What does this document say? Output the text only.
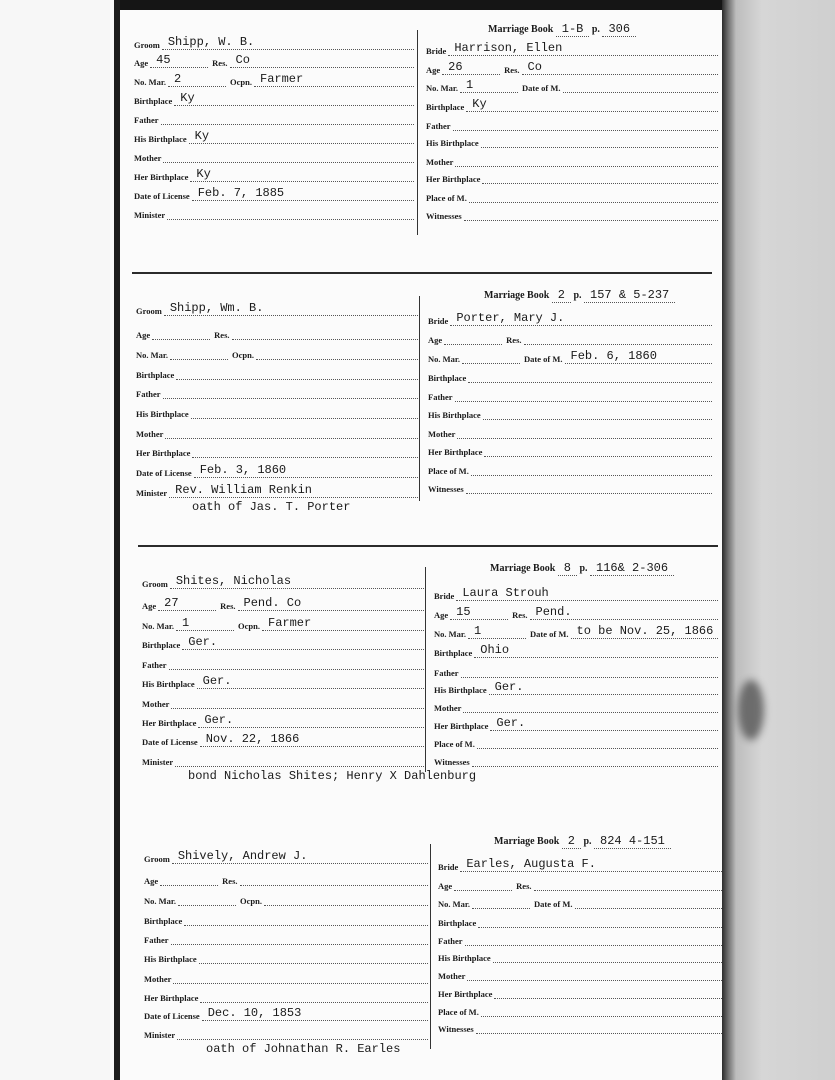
Marriage Book 1-B p. 306
Groom Shipp, W. B.
Age 45	Res. Co
No. Mar. 2	Ocpn. Farmer
Birthplace Ky
Father
His Birthplace Ky
Mother
Her Birthplace Ky
Date of License Feb. 7, 1885
Minister
Bride Harrison, Ellen
Age 26	Res. Co
No. Mar. 1	Date of M.
Birthplace Ky
Father
His Birthplace
Mother
Her Birthplace
Place of M.
Witnesses
Marriage Book 2 p. 157 & 5-237
Groom Shipp, Wm. B.
Age	Res.
No. Mar.	Ocpn.
Birthplace
Father
His Birthplace
Mother
Her Birthplace
Date of License Feb. 3, 1860
Minister Rev. William Renkin
Bride Porter, Mary J.
Age	Res.
No. Mar.	Date of M. Feb. 6, 1860
Birthplace
Father
His Birthplace
Mother
Her Birthplace
Place of M.
Witnesses
oath of Jas. T. Porter
Marriage Book 8 p. 116& 2-306
Groom Shites, Nicholas
Age 27	Res. Pend. Co
No. Mar. 1	Ocpn. Farmer
Birthplace Ger.
Father
His Birthplace Ger.
Mother
Her Birthplace Ger.
Date of License Nov. 22, 1866
Minister
Bride Laura Strouh
Age 15	Res. Pend.
No. Mar. 1	Date of M. to be Nov. 25, 1866
Birthplace Ohio
Father
His Birthplace Ger.
Mother
Her Birthplace Ger.
Place of M.
Witnesses
bond Nicholas Shites; Henry X Dahlenburg
Marriage Book 2 p. 824 4-151
Groom Shively, Andrew J.
Age	Res.
No. Mar.	Ocpn.
Birthplace
Father
His Birthplace
Mother
Her Birthplace
Date of License Dec. 10, 1853
Minister
Bride Earles, Augusta F.
Age	Res.
No. Mar.	Date of M.
Birthplace
Father
His Birthplace
Mother
Her Birthplace
Place of M.
Witnesses
oath of Johnathan R. Earles
